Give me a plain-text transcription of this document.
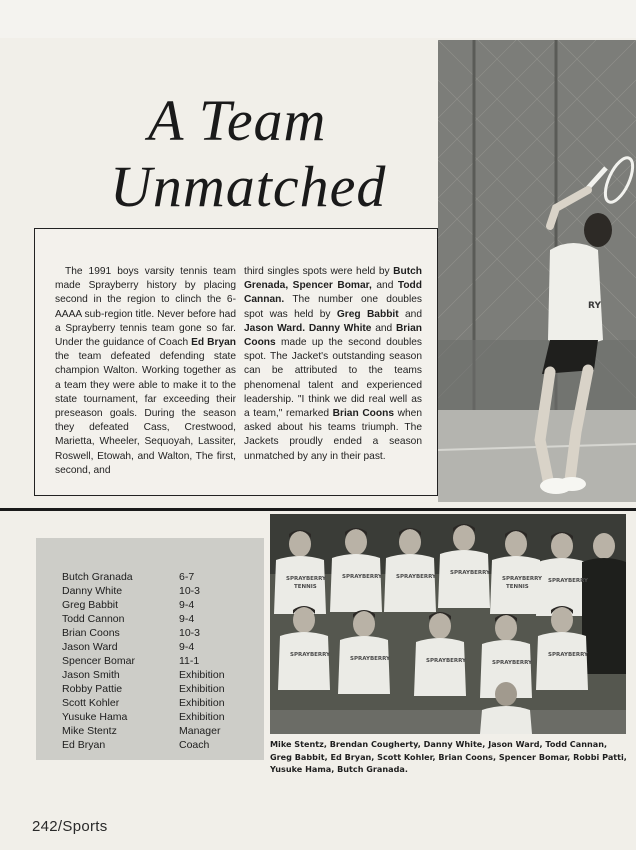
A Team
Unmatched
RY

The 1991 boys varsity tennis team made Sprayberry history by placing second in the region to clinch the 6-AAAA sub-region title. Never before had a Sprayberry tennis team gone so far. Under the guidance of Coach Ed Bryan the team defeated defending state champion Walton. Working together as a team they were able to make it to the state tournament, far exceeding their preseason goals. During the season they defeated Cass, Crestwood, Marietta, Wheeler, Sequoyah, Lassiter, Roswell, Etowah, and Walton, The first, second, and

third singles spots were held by Butch Grenada, Spencer Bomar, and Todd Cannan. The number one doubles spot was held by Greg Babbit and Jason Ward. Danny White and Brian Coons made up the second doubles spot. The Jacket's outstanding season can be attributed to the teams phenomenal talent and experienced leadership. "I think we did real well as a team," remarked Brian Coons when asked about his teams triumph. The Jackets proudly ended a season unmatched by any in their past.

Butch Granada	6-7
Danny White	10-3
Greg Babbit	9-4
Todd Cannon	9-4
Brian Coons	10-3
Jason Ward	9-4
Spencer Bomar	11-1
Jason Smith	Exhibition
Robby Pattie	Exhibition
Scott Kohler	Exhibition
Yusuke Hama	Exhibition
Mike Stentz	Manager
Ed Bryan	Coach
SPRAYBERRY	SPRAYBERRY	SPRAYBERRY
SPRAYBERRY
SPRAYBERRY SPRAYBERRY
SPRAYBERRY
SPRAYBERRY	SPRAYBERRY	SPRAYBERRY
SPRAYBERRY
TENNIS	TENNIS

Mike Stentz, Brendan Cougherty, Danny White, Jason Ward, Todd Cannan, Greg Babbit, Ed Bryan, Scott Kohler, Brian Coons, Spencer Bomar, Robbi Patti, Yusuke Hama, Butch Granada.

242/Sports
